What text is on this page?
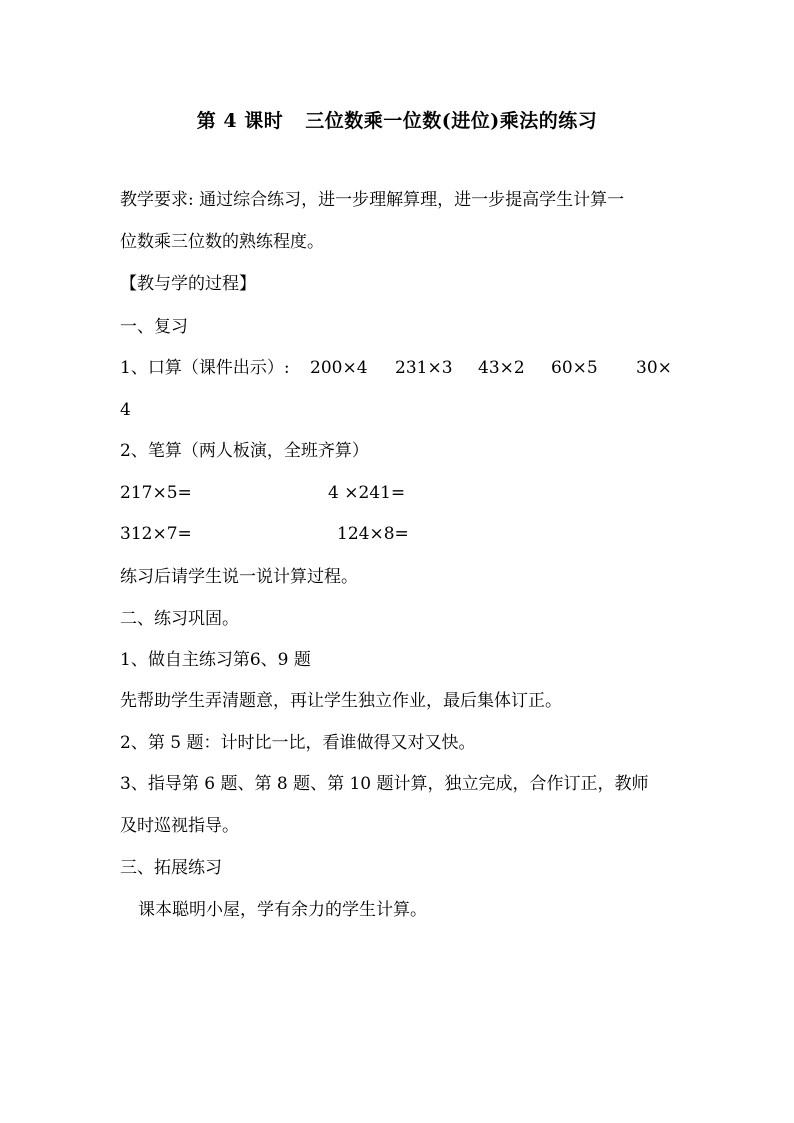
第 4 课时 三位数乘一位数(进位)乘法的练习
教学要求: 通过综合练习，进一步理解算理，进一步提高学生计算一
位数乘三位数的熟练程度。
【教与学的过程】
一、复习
1、口算（课件出示）: 200×4 231×3 43×2 60×5 30×
4
2、笔算（两人板演，全班齐算）
217×5=	4 ×241=
312×7=	124×8=
练习后请学生说一说计算过程。
二、练习巩固。
1、做自主练习第6、9 题
先帮助学生弄清题意，再让学生独立作业，最后集体订正。
2、第 5 题：计时比一比，看谁做得又对又快。
3、指导第 6 题、第 8 题、第 10 题计算，独立完成，合作订正，教师
及时巡视指导。
三、拓展练习
课本聪明小屋，学有余力的学生计算。
